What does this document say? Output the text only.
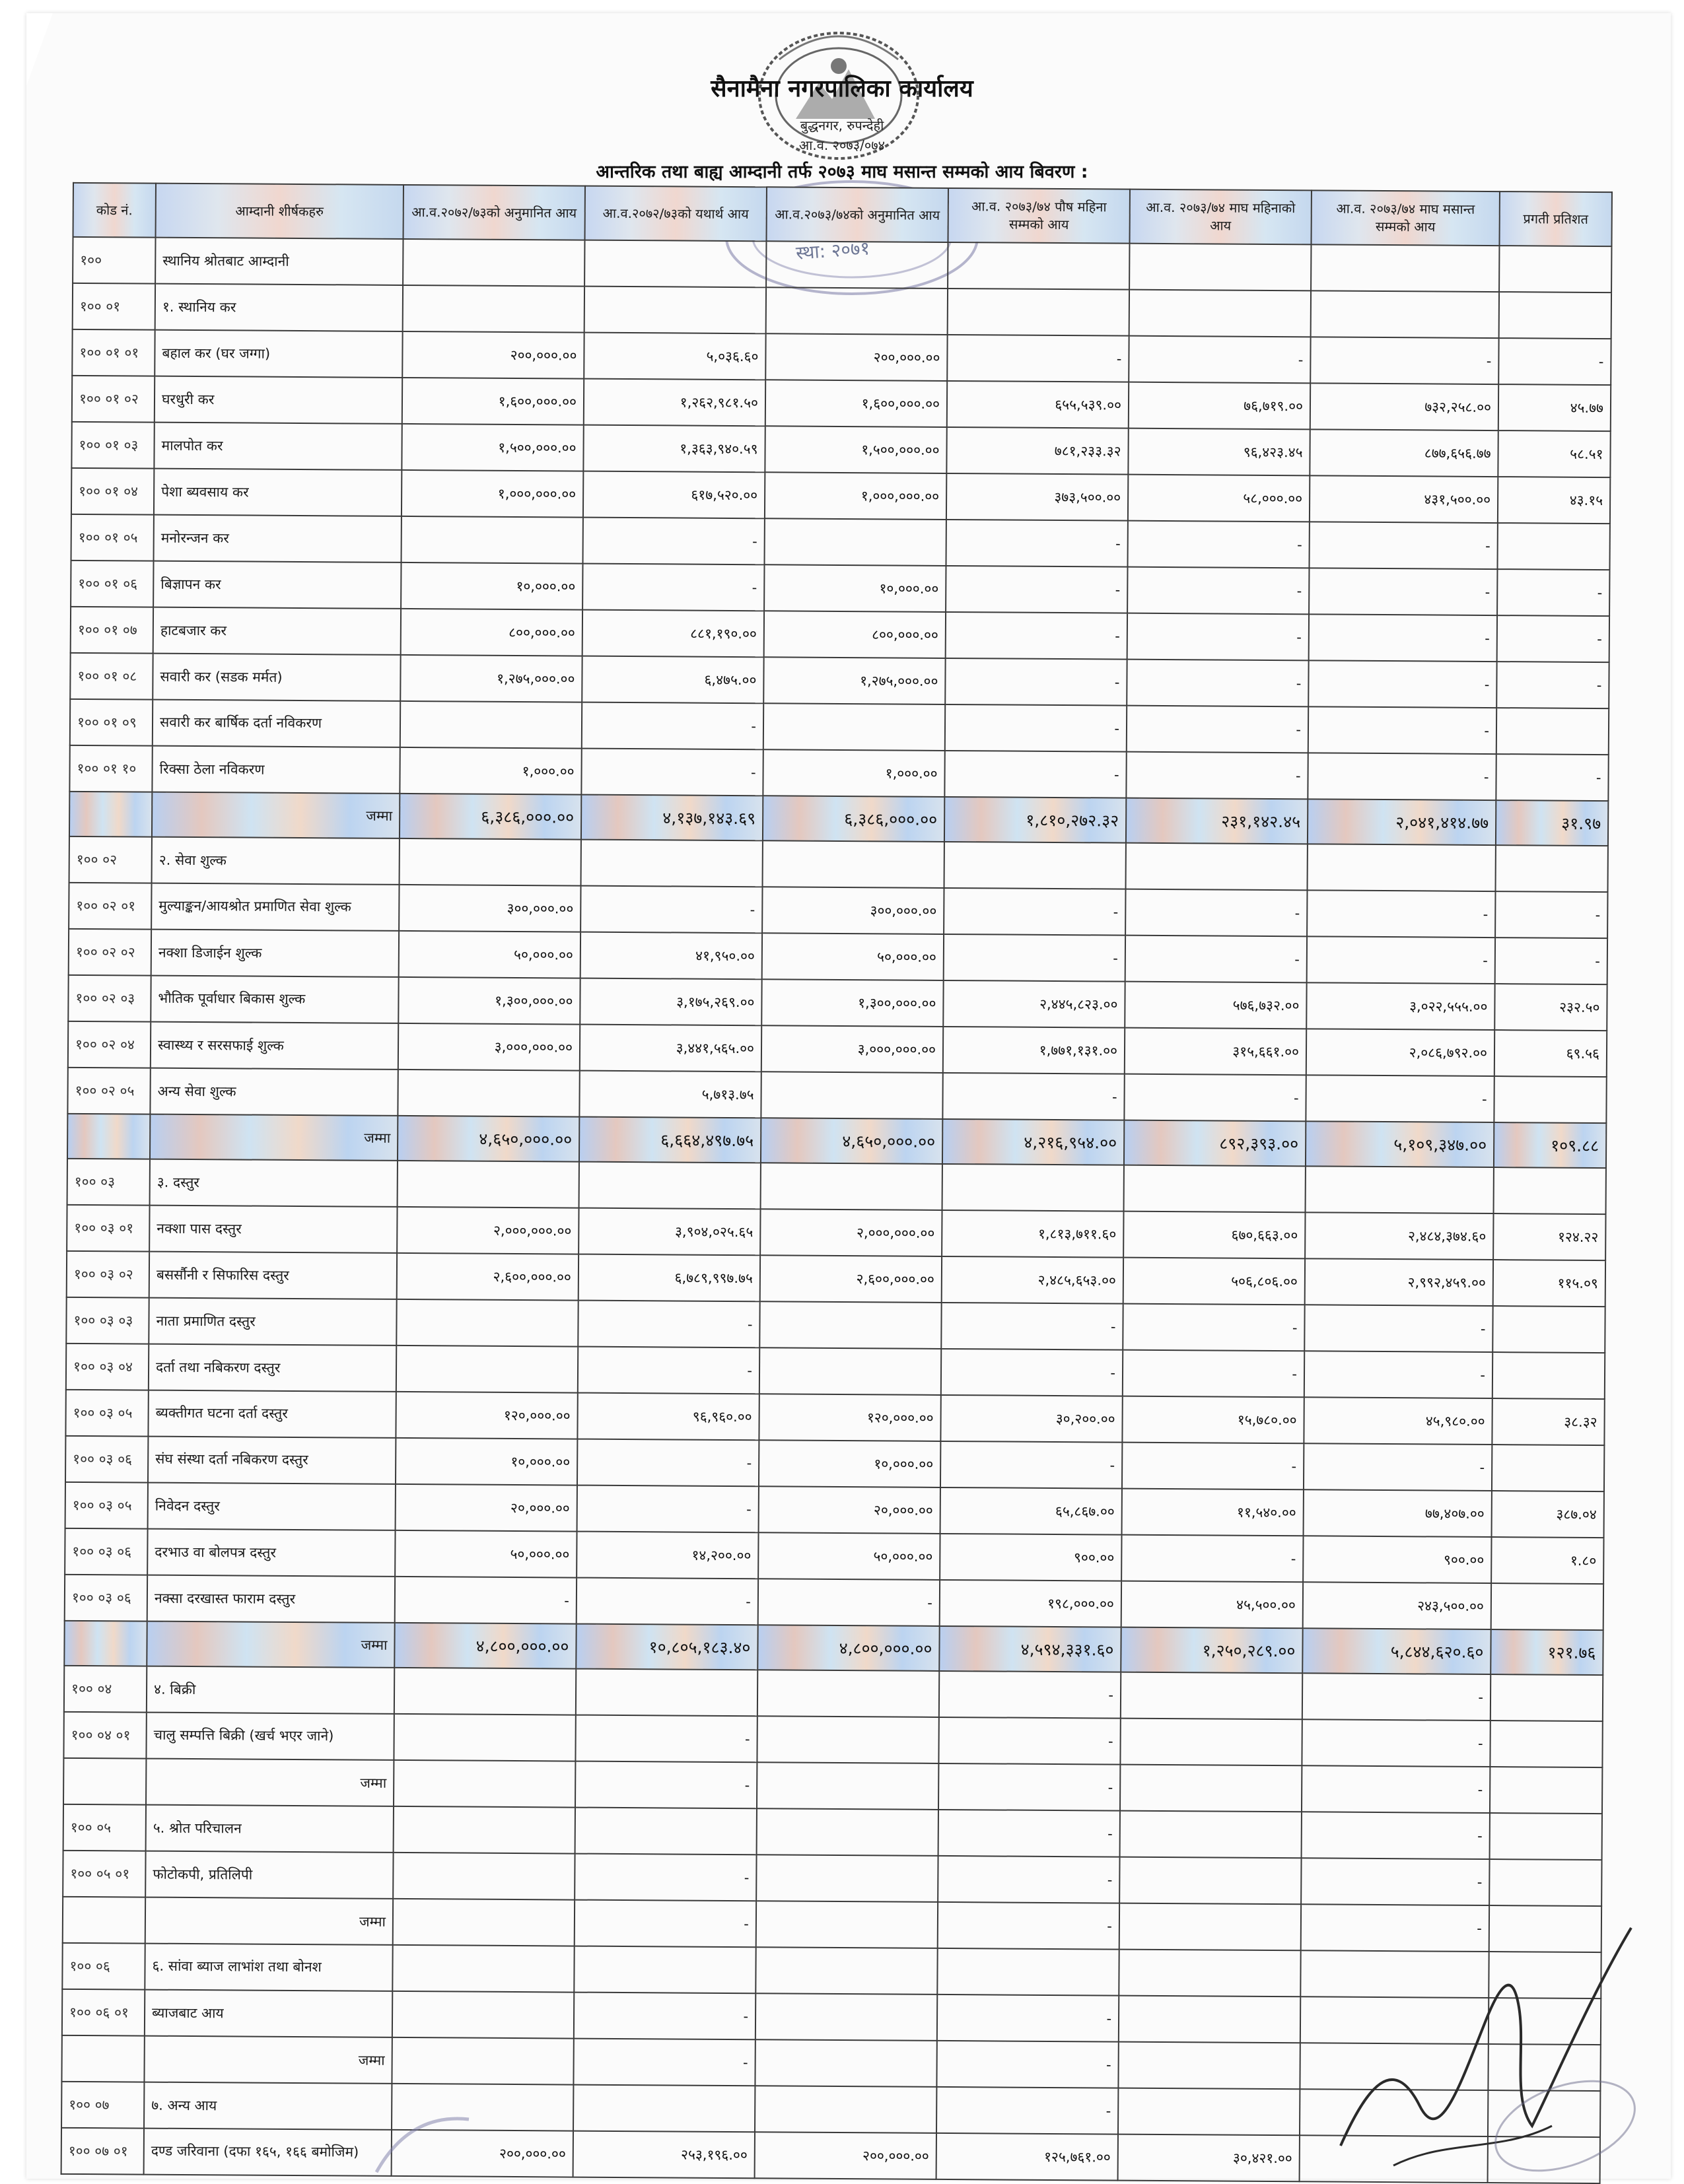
सैनामैना नगरपालिका कार्यालय
बुद्धनगर, रुपन्देही
आ.व. २०७३/०७४
आन्तरिक तथा बाह्य आम्दानी तर्फ २०७३ माघ मसान्त सम्मको आय बिवरण :
कोड नं.	आम्दानी शीर्षकहरु	आ.व.२०७२/७३को अनुमानित आय	आ.व.२०७२/७३को यथार्थ आय	आ.व.२०७३/७४को अनुमानित आय	आ.व. २०७३/७४ पौष महिना सम्मको आय	आ.व. २०७३/७४ माघ महिनाको आय	आ.व. २०७३/७४ माघ मसान्त सम्मको आय	प्रगती प्रतिशत
१००	स्थानिय श्रोतबाट आम्दानी							
१०० ०१	१. स्थानिय कर							
१०० ०१ ०१	बहाल कर (घर जग्गा)	२००,०००.००	५,०३६.६०	२००,०००.००	-	-	-	-
१०० ०१ ०२	घरधुरी कर	१,६००,०००.००	१,२६२,९८१.५०	१,६००,०००.००	६५५,५३९.००	७६,७१९.००	७३२,२५८.००	४५.७७
१०० ०१ ०३	मालपोत कर	१,५००,०००.००	१,३६३,९४०.५९	१,५००,०००.००	७८१,२३३.३२	९६,४२३.४५	८७७,६५६.७७	५८.५१
१०० ०१ ०४	पेशा ब्यवसाय कर	१,०००,०००.००	६१७,५२०.००	१,०००,०००.००	३७३,५००.००	५८,०००.००	४३१,५००.००	४३.१५
१०० ०१ ०५	मनोरन्जन कर		-		-	-	-	
१०० ०१ ०६	बिज्ञापन कर	१०,०००.००	-	१०,०००.००	-	-	-	-
१०० ०१ ०७	हाटबजार कर	८००,०००.००	८८१,१९०.००	८००,०००.००	-	-	-	-
१०० ०१ ०८	सवारी कर (सडक मर्मत)	१,२७५,०००.००	६,४७५.००	१,२७५,०००.००	-	-	-	-
१०० ०१ ०९	सवारी कर बार्षिक दर्ता नविकरण		-		-	-	-	
१०० ०१ १०	रिक्सा ठेला नविकरण	१,०००.००	-	१,०००.००	-	-	-	-
	जम्मा	६,३८६,०००.००	४,१३७,१४३.६९	६,३८६,०००.००	१,८१०,२७२.३२	२३१,१४२.४५	२,०४१,४१४.७७	३१.९७
१०० ०२	२. सेवा शुल्क							
१०० ०२ ०१	मुल्याङ्कन/आयश्रोत प्रमाणित सेवा शुल्क	३००,०००.००	-	३००,०००.००	-	-	-	-
१०० ०२ ०२	नक्शा डिजाईन शुल्क	५०,०००.००	४१,९५०.००	५०,०००.००	-	-	-	-
१०० ०२ ०३	भौतिक पूर्वाधार बिकास शुल्क	१,३००,०००.००	३,१७५,२६९.००	१,३००,०००.००	२,४४५,८२३.००	५७६,७३२.००	३,०२२,५५५.००	२३२.५०
१०० ०२ ०४	स्वास्थ्य र सरसफाई शुल्क	३,०००,०००.००	३,४४१,५६५.००	३,०००,०००.००	१,७७१,१३१.००	३१५,६६१.००	२,०८६,७९२.००	६९.५६
१०० ०२ ०५	अन्य सेवा शुल्क		५,७१३.७५		-	-	-	
	जम्मा	४,६५०,०००.००	६,६६४,४९७.७५	४,६५०,०००.००	४,२१६,९५४.००	८९२,३९३.००	५,१०९,३४७.००	१०९.८८
१०० ०३	३. दस्तुर							
१०० ०३ ०१	नक्शा पास दस्तुर	२,०००,०००.००	३,९०४,०२५.६५	२,०००,०००.००	१,८१३,७११.६०	६७०,६६३.००	२,४८४,३७४.६०	१२४.२२
१०० ०३ ०२	बसर्सौनी र सिफारिस दस्तुर	२,६००,०००.००	६,७८९,९९७.७५	२,६००,०००.००	२,४८५,६५३.००	५०६,८०६.००	२,९९२,४५९.००	११५.०९
१०० ०३ ०३	नाता प्रमाणित दस्तुर		-		-	-	-	
१०० ०३ ०४	दर्ता तथा नबिकरण दस्तुर		-		-	-	-	
१०० ०३ ०५	ब्यक्तीगत घटना दर्ता दस्तुर	१२०,०००.००	९६,९६०.००	१२०,०००.००	३०,२००.००	१५,७८०.००	४५,९८०.००	३८.३२
१०० ०३ ०६	संघ संस्था दर्ता नबिकरण दस्तुर	१०,०००.००	-	१०,०००.००	-	-	-	
१०० ०३ ०५	निवेदन दस्तुर	२०,०००.००	-	२०,०००.००	६५,८६७.००	११,५४०.००	७७,४०७.००	३८७.०४
१०० ०३ ०६	दरभाउ वा बोलपत्र दस्तुर	५०,०००.००	१४,२००.००	५०,०००.००	९००.००	-	९००.००	१.८०
१०० ०३ ०६	नक्सा दरखास्त फाराम दस्तुर	-	-	-	१९८,०००.००	४५,५००.००	२४३,५००.००	
	जम्मा	४,८००,०००.००	१०,८०५,१८३.४०	४,८००,०००.००	४,५९४,३३१.६०	१,२५०,२८९.००	५,८४४,६२०.६०	१२१.७६
१०० ०४	४. बिक्री				-		-	
१०० ०४ ०१	चालु सम्पत्ति बिक्री (खर्च भएर जाने)		-		-		-	
	जम्मा		-		-		-	
१०० ०५	५. श्रोत परिचालन				-		-	
१०० ०५ ०१	फोटोकपी, प्रतिलिपी		-		-		-	
	जम्मा		-		-		-	
१०० ०६	६. सांवा ब्याज लाभांश तथा बोनश							
१०० ०६ ०१	ब्याजबाट आय		-		-			
	जम्मा		-		-			
१०० ०७	७. अन्य आय				-			
१०० ०७ ०१	दण्ड जरिवाना (दफा १६५, १६६ बमोजिम)	२००,०००.००	२५३,१९६.००	२००,०००.००	१२५,७६१.००	३०,४२१.००		
स्था: २०७१
